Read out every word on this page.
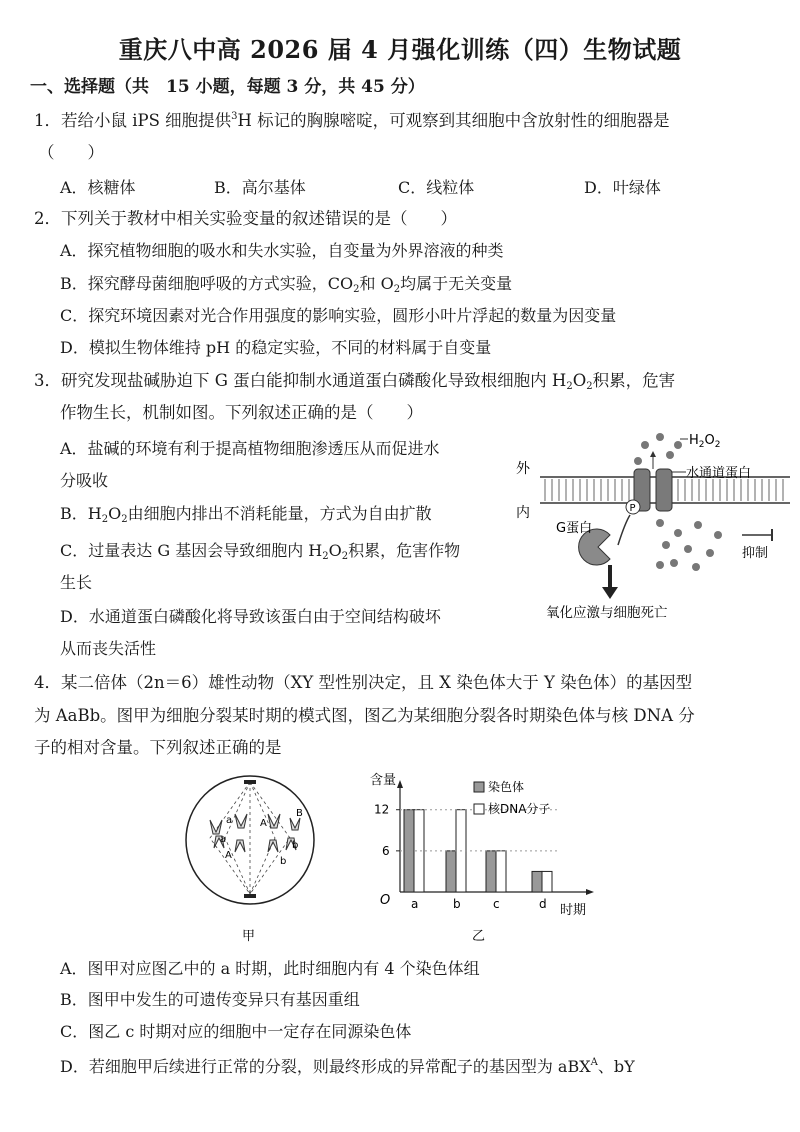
重庆八中高 2026 届 4 月强化训练（四）生物试题
一、选择题（共　15 小题，每题 3 分，共 45 分）
1．若给小鼠 iPS 细胞提供$^3$H 标记的胸腺嘧啶，可观察到其细胞中含放射性的细胞器是
（　　）
A．核糖体	B．高尔基体	C．线粒体	D．叶绿体
2．下列关于教材中相关实验变量的叙述错误的是（　　）
A．探究植物细胞的吸水和失水实验，自变量为外界溶液的种类
B．探究酵母菌细胞呼吸的方式实验，$CO_2$和 $O_2$均属于无关变量
C．探究环境因素对光合作用强度的影响实验，圆形小叶片浮起的数量为因变量
D．模拟生物体维持 pH 的稳定实验，不同的材料属于自变量
3．研究发现盐碱胁迫下 G 蛋白能抑制水通道蛋白磷酸化导致根细胞内 $H_2O_2$积累，危害
作物生长，机制如图。下列叙述正确的是（　　）
A．盐碱的环境有利于提高植物细胞渗透压从而促进水
分吸收
B．$H_2O_2$由细胞内排出不消耗能量，方式为自由扩散
C．过量表达 G 基因会导致细胞内 $H_2O_2$积累，危害作物
生长
D．水通道蛋白磷酸化将导致该蛋白由于空间结构破坏
从而丧失活性
P
$H_2O_2$
水通道蛋白
外
内
G蛋白
抑制
氧化应激与细胞死亡
4．某二倍体（2n＝6）雄性动物（XY 型性别决定，且 X 染色体大于 Y 染色体）的基因型
为 AaBb。图甲为细胞分裂某时期的模式图，图乙为某细胞分裂各时期染色体与核 DNA 分
子的相对含量。下列叙述正确的是
a	A
B
a
A
b
b
甲
含量
时期
O
6
12
a	b	c	d
染色体
核DNA分子
乙
A．图甲对应图乙中的 a 时期，此时细胞内有 4 个染色体组
B．图甲中发生的可遗传变异只有基因重组
C．图乙 c 时期对应的细胞中一定存在同源染色体
D．若细胞甲后续进行正常的分裂，则最终形成的异常配子的基因型为 aBX$^A$、bY
